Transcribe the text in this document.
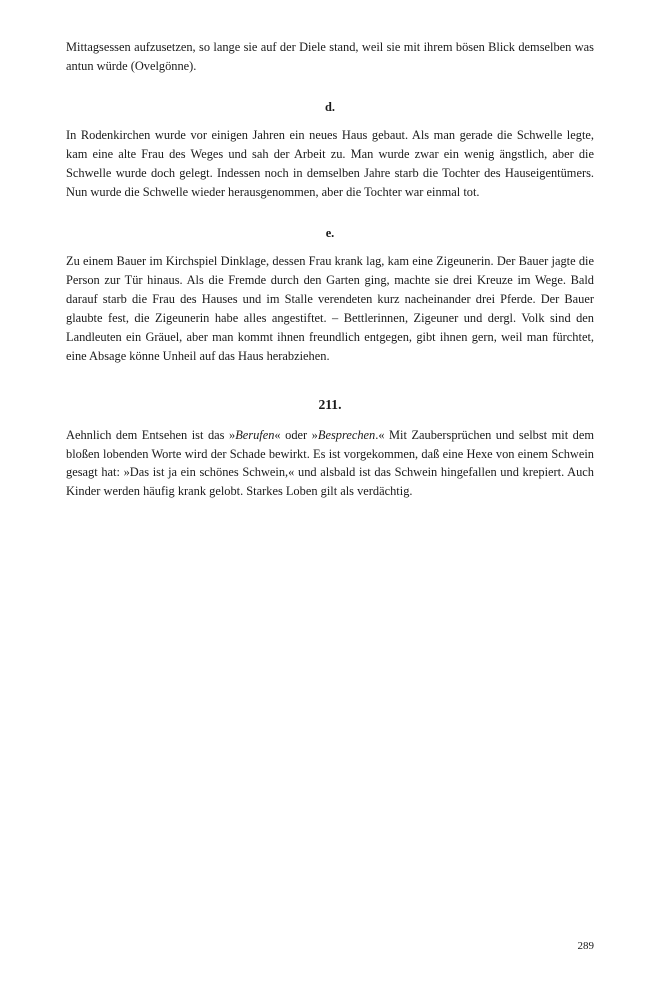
Mittagsessen aufzusetzen, so lange sie auf der Diele stand, weil sie mit ihrem bösen Blick demselben was antun würde (Ovelgönne).

d.

In Rodenkirchen wurde vor einigen Jahren ein neues Haus gebaut. Als man gerade die Schwelle legte, kam eine alte Frau des Weges und sah der Arbeit zu. Man wurde zwar ein wenig ängstlich, aber die Schwelle wurde doch gelegt. Indessen noch in demselben Jahre starb die Tochter des Hauseigentümers. Nun wurde die Schwelle wieder herausgenommen, aber die Tochter war einmal tot.

e.

Zu einem Bauer im Kirchspiel Dinklage, dessen Frau krank lag, kam eine Zigeunerin. Der Bauer jagte die Person zur Tür hinaus. Als die Fremde durch den Garten ging, machte sie drei Kreuze im Wege. Bald darauf starb die Frau des Hauses und im Stalle verendeten kurz nacheinander drei Pferde. Der Bauer glaubte fest, die Zigeunerin habe alles angestiftet. – Bettlerinnen, Zigeuner und dergl. Volk sind den Landleuten ein Gräuel, aber man kommt ihnen freundlich entgegen, gibt ihnen gern, weil man fürchtet, eine Absage könne Unheil auf das Haus herabziehen.

211.

Aehnlich dem Entsehen ist das »Berufen« oder »Besprechen.« Mit Zaubersprüchen und selbst mit dem bloßen lobenden Worte wird der Schade bewirkt. Es ist vorgekommen, daß eine Hexe von einem Schwein gesagt hat: »Das ist ja ein schönes Schwein,« und alsbald ist das Schwein hingefallen und krepiert. Auch Kinder werden häufig krank gelobt. Starkes Loben gilt als verdächtig.

289
